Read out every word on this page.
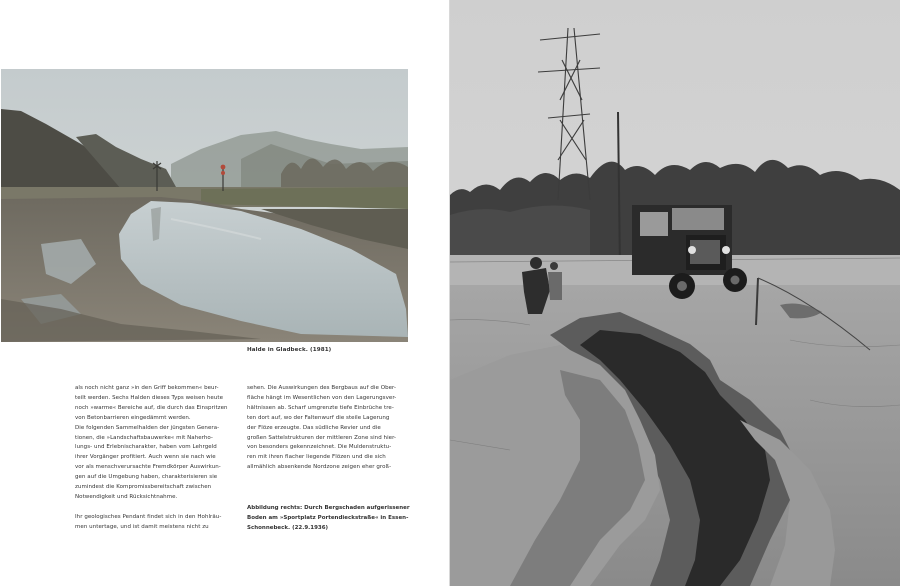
Halde in Gladbeck. (1981)

als noch nicht ganz »in den Griff bekommen« beur-

teilt werden. Sechs Halden dieses Typs weisen heute

noch »warme« Bereiche auf, die durch das Einspritzen

von Betonbarrieren eingedämmt werden.

Die folgenden Sammelhalden der jüngsten Genera-

tionen, die »Landschaftsbauwerke« mit Naherho-

lungs- und Erlebnischarakter, haben vom Lehrgeld

ihrer Vorgänger profitiert. Auch wenn sie nach wie

vor als menschverursachte Fremdkörper Auswirkun-

gen auf die Umgebung haben, charakterisieren sie

zumindest die Kompromissbereitschaft zwischen

Notwendigkeit und Rücksichtnahme.

Ihr geologisches Pendant findet sich in den Hohlräu-

men untertage, und ist damit meistens nicht zu

sehen. Die Auswirkungen des Bergbaus auf die Ober-

fläche hängt im Wesentlichen von den Lagerungsver-

hältnissen ab. Scharf umgrenzte tiefe Einbrüche tre-

ten dort auf, wo der Faltenwurf die steile Lagerung

der Flöze erzeugte. Das südliche Revier und die

großen Sattelstrukturen der mittleren Zone sind hier-

von besonders gekennzeichnet. Die Muldenstruktu-

ren mit ihren flacher liegende Flözen und die sich

allmählich absenkende Nordzone zeigen eher groß-

Abbildung rechts: Durch Bergschaden aufgerissener

Boden am »Sportplatz Portendieckstraße« in Essen-

Schonnebeck. (22.9.1936)
